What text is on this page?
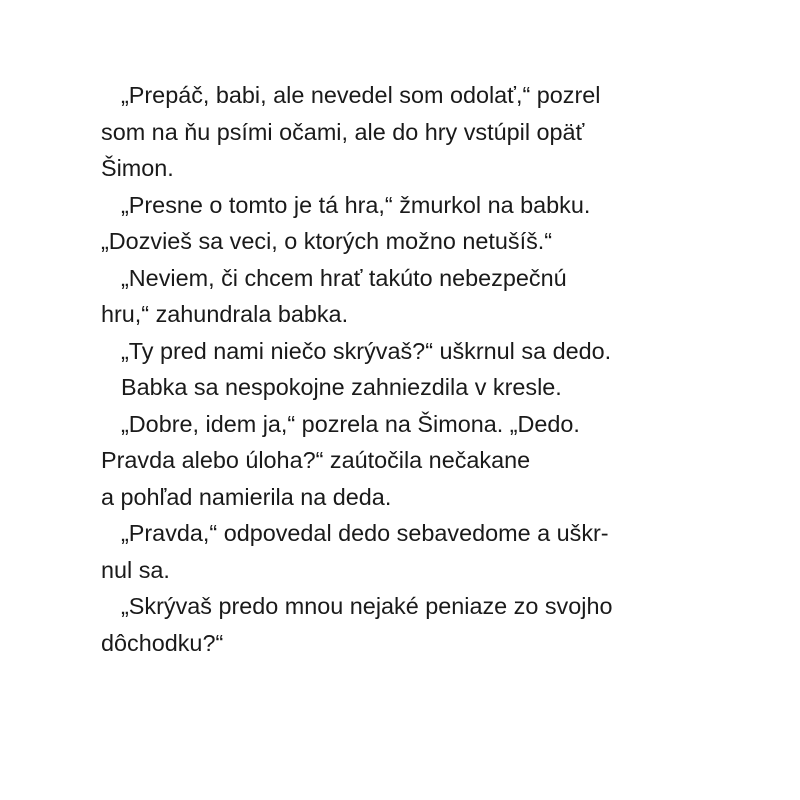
„Prepáč, babi, ale nevedel som odolať,“ pozrel
som na ňu psími očami, ale do hry vstúpil opäť
Šimon.
„Presne o tomto je tá hra,“ žmurkol na babku.
„Dozvieš sa veci, o ktorých možno netušíš.“
„Neviem, či chcem hrať takúto nebezpečnú
hru,“ zahundrala babka.
„Ty pred nami niečo skrývaš?“ uškrnul sa dedo.
Babka sa nespokojne zahniezdila v kresle.
„Dobre, idem ja,“ pozrela na Šimona. „Dedo.
Pravda alebo úloha?“ zaútočila nečakane
a pohľad namierila na deda.
„Pravda,“ odpovedal dedo sebavedome a uškr-
nul sa.
„Skrývaš predo mnou nejaké peniaze zo svojho
dôchodku?“
